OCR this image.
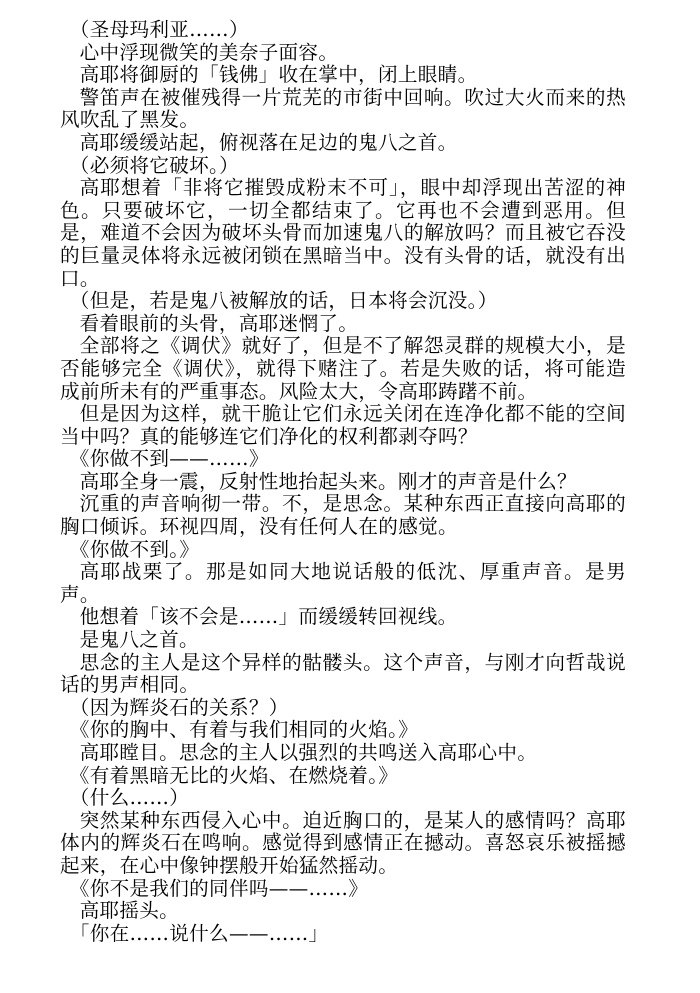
（圣母玛利亚……）

心中浮现微笑的美奈子面容。

高耶将御厨的「钱佛」收在掌中，闭上眼睛。

警笛声在被催残得一片荒芜的市街中回响。吹过大火而来的热风吹乱了黑发。

高耶缓缓站起，俯视落在足边的鬼八之首。

（必须将它破坏。）

高耶想着「非将它摧毁成粉末不可」，眼中却浮现出苦涩的神色。只要破坏它，一切全都结束了。它再也不会遭到恶用。但是，难道不会因为破坏头骨而加速鬼八的解放吗？而且被它吞没的巨量灵体将永远被闭锁在黑暗当中。没有头骨的话，就没有出口。

（但是，若是鬼八被解放的话，日本将会沉没。）

看着眼前的头骨，高耶迷惘了。

全部将之《调伏》就好了，但是不了解怨灵群的规模大小，是否能够完全《调伏》，就得下赌注了。若是失败的话，将可能造成前所未有的严重事态。风险太大，令高耶踌躇不前。

但是因为这样，就干脆让它们永远关闭在连净化都不能的空间当中吗？真的能够连它们净化的权利都剥夺吗？

《你做不到——……》

高耶全身一震，反射性地抬起头来。刚才的声音是什么？

沉重的声音响彻一带。不，是思念。某种东西正直接向高耶的胸口倾诉。环视四周，没有任何人在的感觉。

《你做不到。》

高耶战栗了。那是如同大地说话般的低沈、厚重声音。是男声。

他想着「该不会是……」而缓缓转回视线。

是鬼八之首。

思念的主人是这个异样的骷髅头。这个声音，与刚才向哲哉说话的男声相同。

（因为辉炎石的关系？）

《你的胸中、有着与我们相同的火焰。》

高耶瞠目。思念的主人以强烈的共鸣送入高耶心中。

《有着黑暗无比的火焰、在燃烧着。》

（什么……）

突然某种东西侵入心中。迫近胸口的，是某人的感情吗？高耶体内的辉炎石在鸣响。感觉得到感情正在撼动。喜怒哀乐被摇撼起来，在心中像钟摆般开始猛然摇动。

《你不是我们的同伴吗——……》

高耶摇头。

「你在……说什么——……」
